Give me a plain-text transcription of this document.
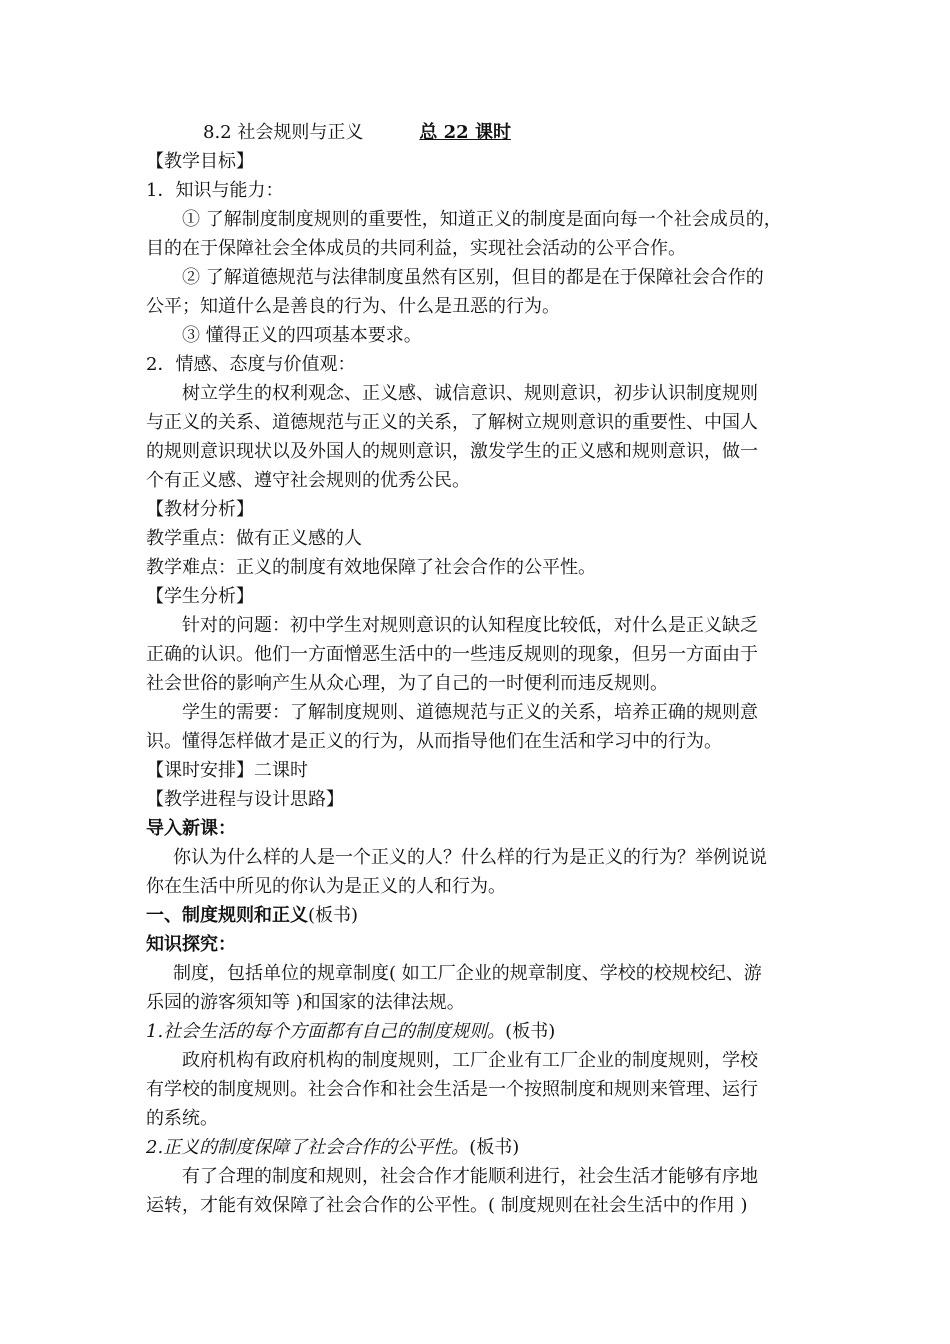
8.2 社会规则与正义	总 22 课时
【教学目标】
1．知识与能力：
① 了解制度制度规则的重要性，知道正义的制度是面向每一个社会成员的，
目的在于保障社会全体成员的共同利益，实现社会活动的公平合作。
② 了解道德规范与法律制度虽然有区别，但目的都是在于保障社会合作的
公平；知道什么是善良的行为、什么是丑恶的行为。
③ 懂得正义的四项基本要求。
2．情感、态度与价值观：
树立学生的权利观念、正义感、诚信意识、规则意识，初步认识制度规则
与正义的关系、道德规范与正义的关系，了解树立规则意识的重要性、中国人
的规则意识现状以及外国人的规则意识，激发学生的正义感和规则意识，做一
个有正义感、遵守社会规则的优秀公民。
【教材分析】
教学重点：做有正义感的人
教学难点：正义的制度有效地保障了社会合作的公平性。
【学生分析】
针对的问题：初中学生对规则意识的认知程度比较低，对什么是正义缺乏
正确的认识。他们一方面憎恶生活中的一些违反规则的现象，但另一方面由于
社会世俗的影响产生从众心理，为了自己的一时便利而违反规则。
学生的需要：了解制度规则、道德规范与正义的关系，培养正确的规则意
识。懂得怎样做才是正义的行为，从而指导他们在生活和学习中的行为。
【课时安排】二课时
【教学进程与设计思路】
导入新课：
你认为什么样的人是一个正义的人？什么样的行为是正义的行为？举例说说
你在生活中所见的你认为是正义的人和行为。
一、制度规则和正义(板书)
知识探究：
制度，包括单位的规章制度( 如工厂企业的规章制度、学校的校规校纪、游
乐园的游客须知等 )和国家的法律法规。
1.社会生活的每个方面都有自己的制度规则。(板书)
政府机构有政府机构的制度规则，工厂企业有工厂企业的制度规则，学校
有学校的制度规则。社会合作和社会生活是一个按照制度和规则来管理、运行
的系统。
2.正义的制度保障了社会合作的公平性。(板书)
有了合理的制度和规则，社会合作才能顺利进行，社会生活才能够有序地
运转，才能有效保障了社会合作的公平性。( 制度规则在社会生活中的作用 )
